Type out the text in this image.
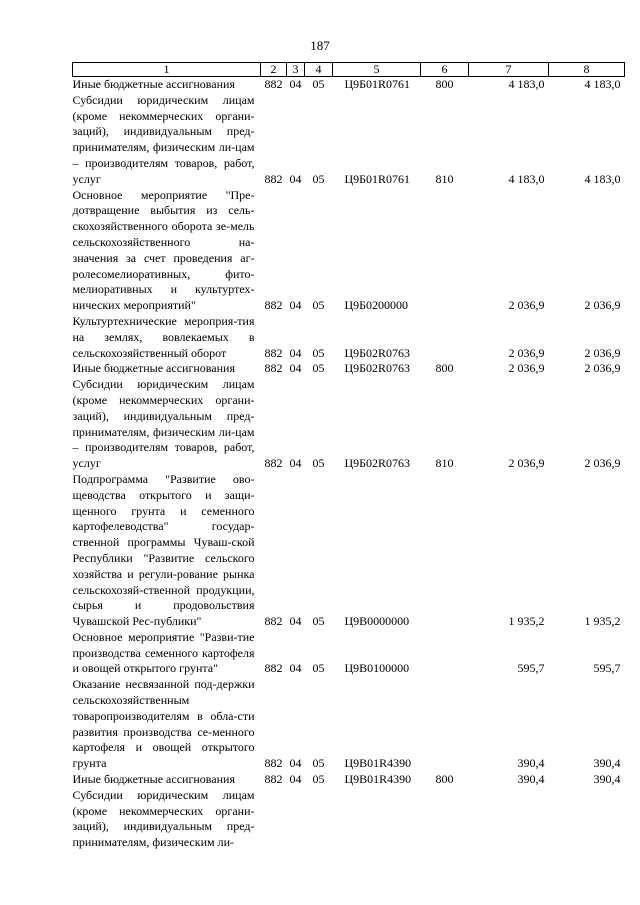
187
1	2	3	4	5	6	7	8
Иные бюджетные ассигнования	882	04	05	Ц9Б01R0761	800	4 183,0	4 183,0
Субсидии юридическим лицам (кроме некоммерческих органи-заций), индивидуальным пред-принимателям, физическим ли-цам – производителям товаров, работ, услуг	882	04	05	Ц9Б01R0761	810	4 183,0	4 183,0
Основное мероприятие "Пре-дотвращение выбытия из сель-скохозяйственного оборота зе-мель сельскохозяйственного на-значения за счет проведения аг-ролесомелиоративных, фито-мелиоративных и культуртех-нических мероприятий"	882	04	05	Ц9Б0200000		2 036,9	2 036,9
Культуртехнические мероприя-тия на землях, вовлекаемых в сельскохозяйственный оборот	882	04	05	Ц9Б02R0763		2 036,9	2 036,9
Иные бюджетные ассигнования	882	04	05	Ц9Б02R0763	800	2 036,9	2 036,9
Субсидии юридическим лицам (кроме некоммерческих органи-заций), индивидуальным пред-принимателям, физическим ли-цам – производителям товаров, работ, услуг	882	04	05	Ц9Б02R0763	810	2 036,9	2 036,9
Подпрограмма "Развитие ово-щеводства открытого и защи-щенного грунта и семенного картофелеводства" государ-ственной программы Чуваш-ской Республики "Развитие сельского хозяйства и регули-рование рынка сельскохозяй-ственной продукции, сырья и продовольствия Чувашской Рес-публики"	882	04	05	Ц9В0000000		1 935,2	1 935,2
Основное мероприятие "Разви-тие производства семенного картофеля и овощей открытого грунта"	882	04	05	Ц9В0100000		595,7	595,7
Оказание несвязанной под-держки сельскохозяйственным товаропроизводителям в обла-сти развития производства се-менного картофеля и овощей открытого грунта	882	04	05	Ц9В01R4390		390,4	390,4
Иные бюджетные ассигнования	882	04	05	Ц9В01R4390	800	390,4	390,4
Субсидии юридическим лицам (кроме некоммерческих органи-заций), индивидуальным пред-принимателям, физическим ли-							
